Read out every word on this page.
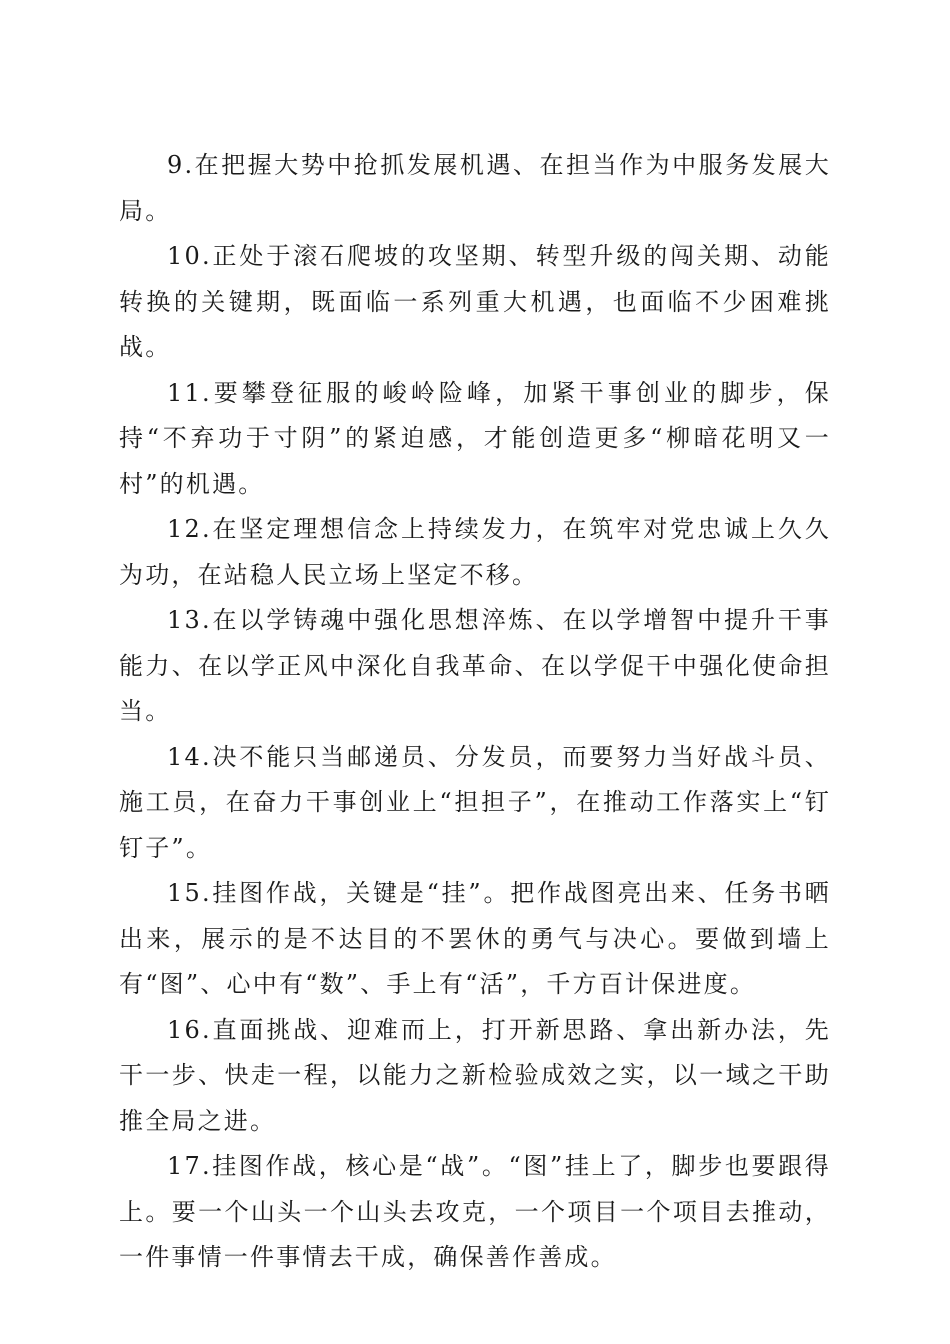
9.在把握大势中抢抓发展机遇、在担当作为中服务发展大局。

10.正处于滚石爬坡的攻坚期、转型升级的闯关期、动能转换的关键期，既面临一系列重大机遇，也面临不少困难挑战。

11.要攀登征服的峻岭险峰，加紧干事创业的脚步，保持“不弃功于寸阴”的紧迫感，才能创造更多“柳暗花明又一村”的机遇。

12.在坚定理想信念上持续发力，在筑牢对党忠诚上久久为功，在站稳人民立场上坚定不移。

13.在以学铸魂中强化思想淬炼、在以学增智中提升干事能力、在以学正风中深化自我革命、在以学促干中强化使命担当。

14.决不能只当邮递员、分发员，而要努力当好战斗员、施工员，在奋力干事创业上“担担子”，在推动工作落实上“钉钉子”。

15.挂图作战，关键是“挂”。把作战图亮出来、任务书晒出来，展示的是不达目的不罢休的勇气与决心。要做到墙上有“图”、心中有“数”、手上有“活”，千方百计保进度。

16.直面挑战、迎难而上，打开新思路、拿出新办法，先干一步、快走一程，以能力之新检验成效之实，以一域之干助推全局之进。

17.挂图作战，核心是“战”。“图”挂上了，脚步也要跟得上。要一个山头一个山头去攻克，一个项目一个项目去推动，一件事情一件事情去干成，确保善作善成。
